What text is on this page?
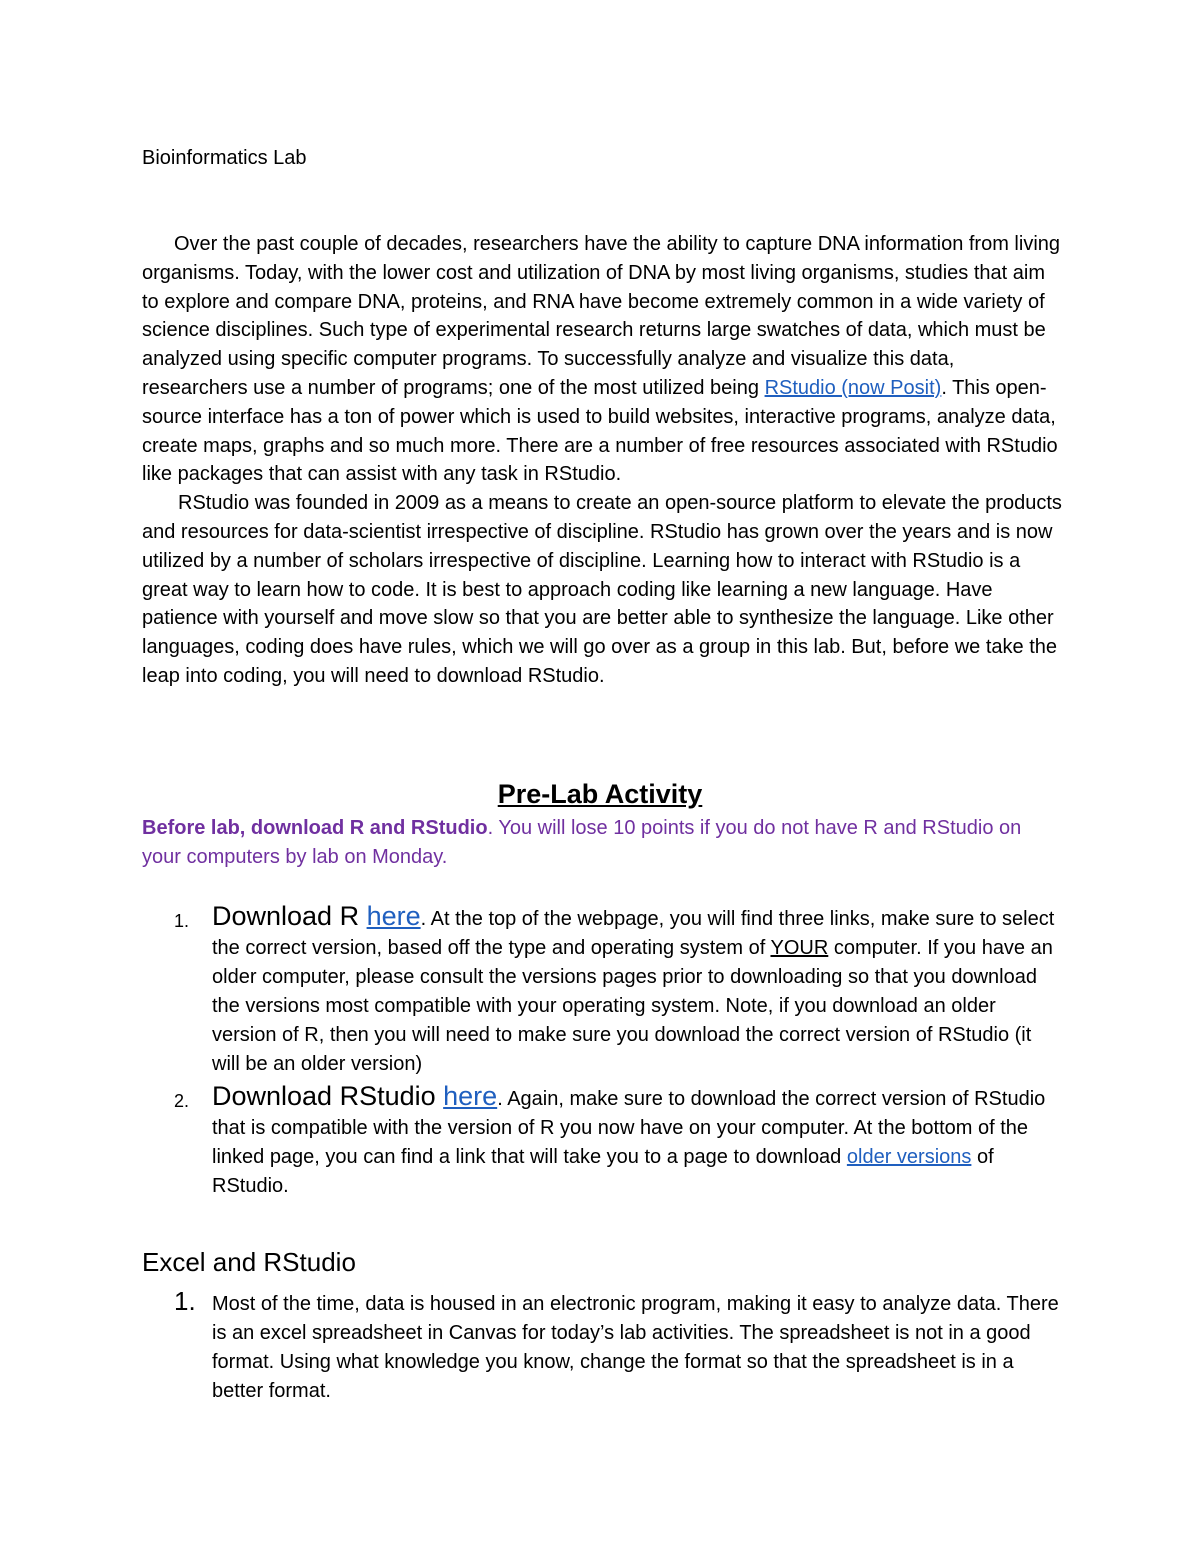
Bioinformatics Lab

Over the past couple of decades, researchers have the ability to capture DNA information from living organisms. Today, with the lower cost and utilization of DNA by most living organisms, studies that aim to explore and compare DNA, proteins, and RNA have become extremely common in a wide variety of science disciplines. Such type of experimental research returns large swatches of data, which must be analyzed using specific computer programs. To successfully analyze and visualize this data, researchers use a number of programs; one of the most utilized being RStudio (now Posit). This open-source interface has a ton of power which is used to build websites, interactive programs, analyze data, create maps, graphs and so much more. There are a number of free resources associated with RStudio like packages that can assist with any task in RStudio.

RStudio was founded in 2009 as a means to create an open-source platform to elevate the products and resources for data-scientist irrespective of discipline. RStudio has grown over the years and is now utilized by a number of scholars irrespective of discipline. Learning how to interact with RStudio is a great way to learn how to code. It is best to approach coding like learning a new language. Have patience with yourself and move slow so that you are better able to synthesize the language. Like other languages, coding does have rules, which we will go over as a group in this lab. But, before we take the leap into coding, you will need to download RStudio.

Pre-Lab Activity
Before lab, download R and RStudio. You will lose 10 points if you do not have R and RStudio on your computers by lab on Monday.
1. Download R here. At the top of the webpage, you will find three links, make sure to select the correct version, based off the type and operating system of YOUR computer. If you have an older computer, please consult the versions pages prior to downloading so that you download the versions most compatible with your operating system. Note, if you download an older version of R, then you will need to make sure you download the correct version of RStudio (it will be an older version)
2. Download RStudio here. Again, make sure to download the correct version of RStudio that is compatible with the version of R you now have on your computer. At the bottom of the linked page, you can find a link that will take you to a page to download older versions of RStudio.
Excel and RStudio
1. Most of the time, data is housed in an electronic program, making it easy to analyze data. There is an excel spreadsheet in Canvas for today’s lab activities. The spreadsheet is not in a good format. Using what knowledge you know, change the format so that the spreadsheet is in a better format.
